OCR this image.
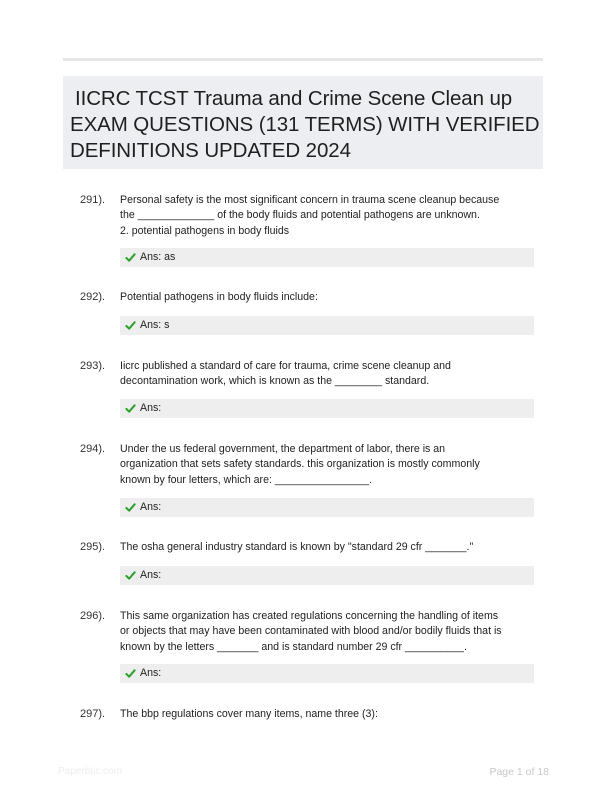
IICRC TCST Trauma and Crime Scene Clean up
EXAM QUESTIONS (131 TERMS) WITH VERIFIED
DEFINITIONS UPDATED 2024
291). Personal safety is the most significant concern in trauma scene cleanup because
the _____________ of the body fluids and potential pathogens are unknown.
2. potential pathogens in body fluids
Ans: as
292). Potential pathogens in body fluids include:
Ans: s
293). Iicrc published a standard of care for trauma, crime scene cleanup and
decontamination work, which is known as the ________ standard.
Ans:
294). Under the us federal government, the department of labor, there is an
organization that sets safety standards. this organization is mostly commonly
known by four letters, which are: ________________.
Ans:
295). The osha general industry standard is known by "standard 29 cfr _______."
Ans:
296). This same organization has created regulations concerning the handling of items
or objects that may have been contaminated with blood and/or bodily fluids that is
known by the letters _______ and is standard number 29 cfr __________.
Ans:
297). The bbp regulations cover many items, name three (3):
Paperbtic.com	Page 1 of 18
